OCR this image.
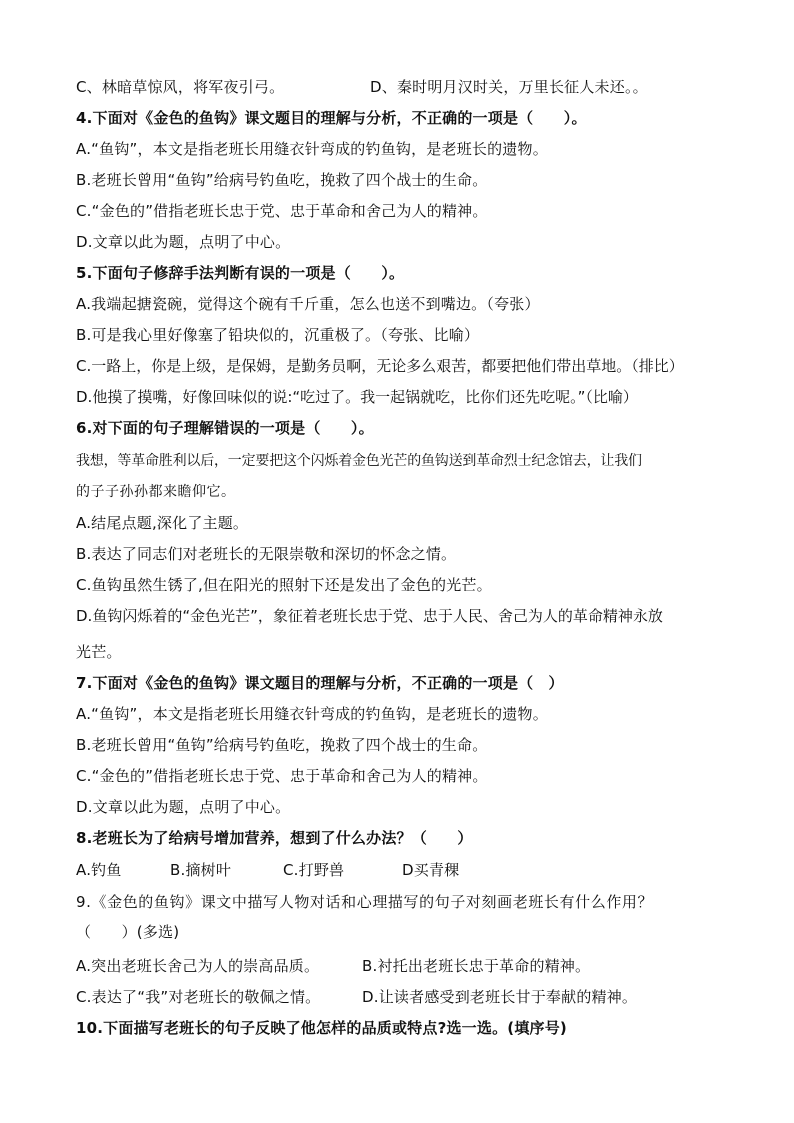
C、林暗草惊风，将军夜引弓。	D、秦时明月汉时关，万里长征人未还。。
4.下面对《金色的鱼钩》课文题目的理解与分析，不正确的一项是（　　）。
A.“鱼钩”，本文是指老班长用缝衣针弯成的钓鱼钩，是老班长的遗物。
B.老班长曾用“鱼钩”给病号钓鱼吃，挽救了四个战士的生命。
C.“金色的”借指老班长忠于党、忠于革命和舍己为人的精神。
D.文章以此为题，点明了中心。
5.下面句子修辞手法判断有误的一项是（　　）。
A.我端起搪瓷碗，觉得这个碗有千斤重，怎么也送不到嘴边。（夸张）
B.可是我心里好像塞了铅块似的，沉重极了。（夸张、比喻）
C.一路上，你是上级，是保姆，是勤务员啊，无论多么艰苦，都要把他们带出草地。（排比）
D.他摸了摸嘴，好像回味似的说:“吃过了。我一起锅就吃，比你们还先吃呢。”（比喻）
6.对下面的句子理解错误的一项是（　　）。
我想，等革命胜利以后，一定要把这个闪烁着金色光芒的鱼钩送到革命烈士纪念馆去，让我们
的子子孙孙都来瞻仰它。
A.结尾点题,深化了主题。
B.表达了同志们对老班长的无限崇敬和深切的怀念之情。
C.鱼钩虽然生锈了,但在阳光的照射下还是发出了金色的光芒。
D.鱼钩闪烁着的“金色光芒”，象征着老班长忠于党、忠于人民、舍己为人的革命精神永放
光芒。
7.下面对《金色的鱼钩》课文题目的理解与分析，不正确的一项是（　）
A.“鱼钩”，本文是指老班长用缝衣针弯成的钓鱼钩，是老班长的遗物。
B.老班长曾用“鱼钩”给病号钓鱼吃，挽救了四个战士的生命。
C.“金色的”借指老班长忠于党、忠于革命和舍己为人的精神。
D.文章以此为题，点明了中心。
8.老班长为了给病号增加营养，想到了什么办法？（　　）
A.钓鱼	B.摘树叶	C.打野兽	D买青稞
9.《金色的鱼钩》课文中描写人物对话和心理描写的句子对刻画老班长有什么作用？
（　　）(多选)
A.突出老班长舍己为人的崇高品质。	B.衬托出老班长忠于革命的精神。
C.表达了“我”对老班长的敬佩之情。	D.让读者感受到老班长甘于奉献的精神。
10.下面描写老班长的句子反映了他怎样的品质或特点?选一选。(填序号)
